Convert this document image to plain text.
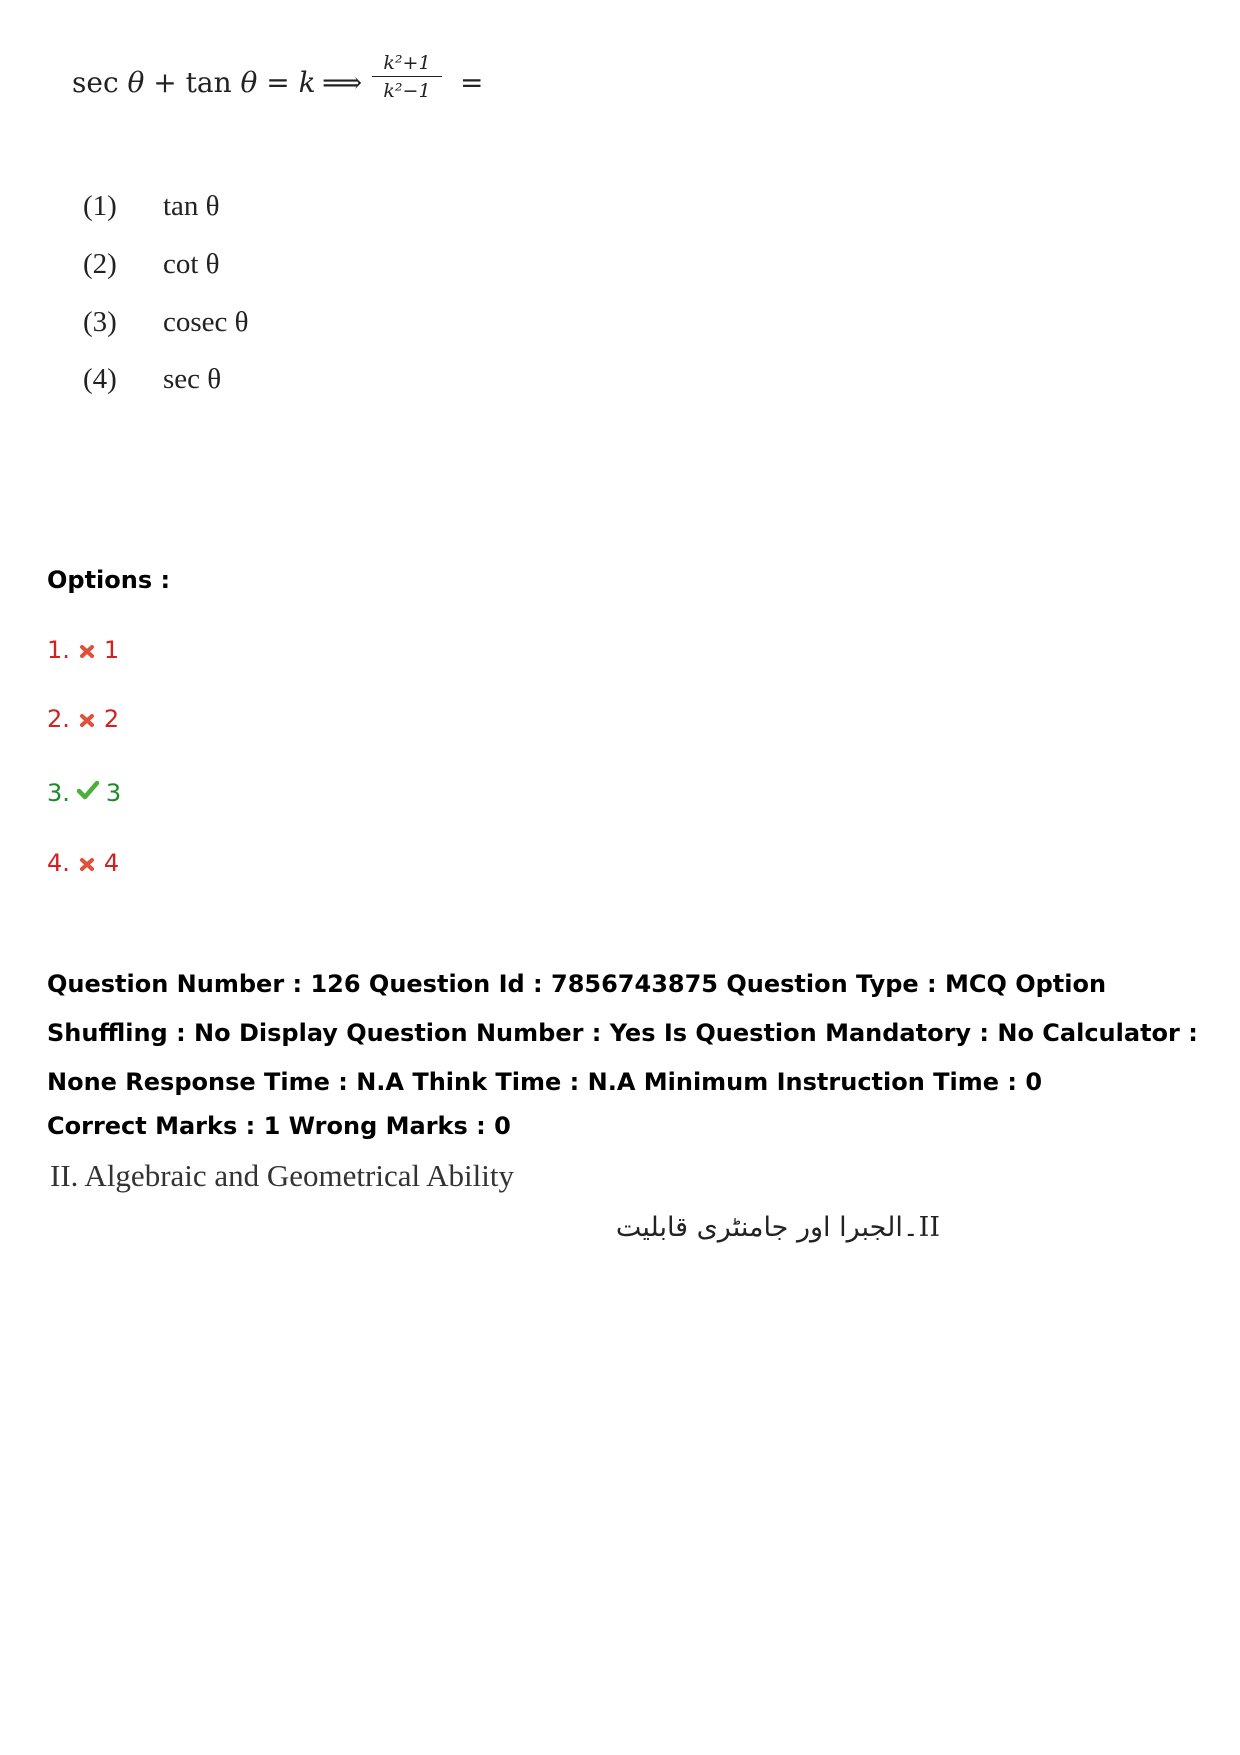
sec θ + tan θ = k ⟹ $\frac{\text{k²+1}}{\text{k²−1}}$ =
(1) tan θ
(2) cot θ
(3) cosec θ
(4) sec θ
Options :
1. 1
2. 2
3. 3
4. 4
Question Number : 126 Question Id : 7856743875 Question Type : MCQ Option Shuffling : No Display Question Number : Yes Is Question Mandatory : No Calculator : None Response Time : N.A Think Time : N.A Minimum Instruction Time : 0
Correct Marks : 1 Wrong Marks : 0
II. Algebraic and Geometrical Ability
II۔الجبرا اور جامنٹری قابلیت
